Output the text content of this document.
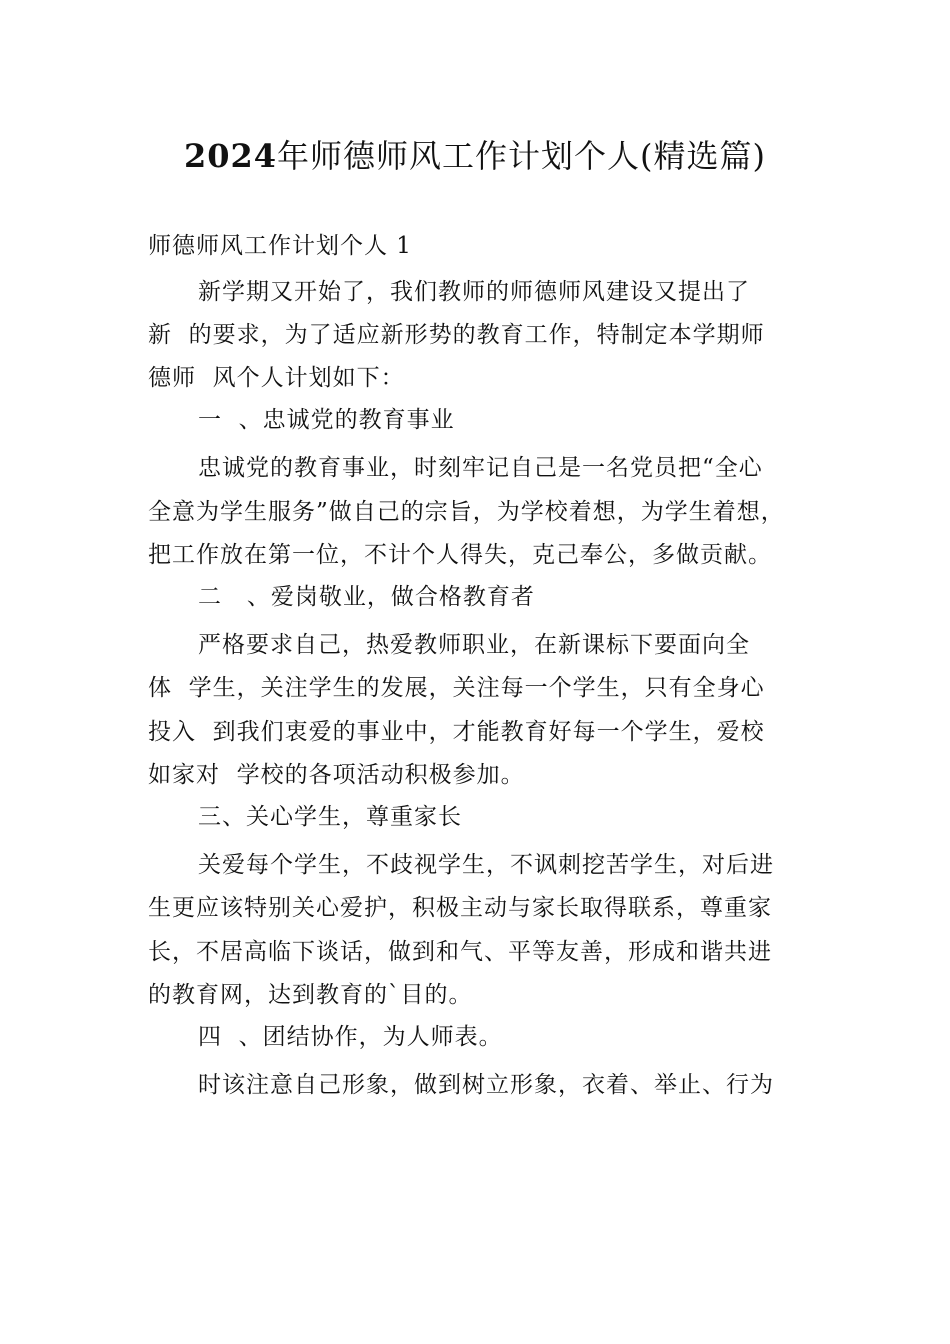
2024年师德师风工作计划个人(精选篇)
师德师风工作计划个人 1
新学期又开始了，我们教师的师德师风建设又提出了
新  的要求，为了适应新形势的教育工作，特制定本学期师
德师  风个人计划如下：
一  、忠诚党的教育事业
忠诚党的教育事业，时刻牢记自己是一名党员把“全心
全意为学生服务”做自己的宗旨，为学校着想，为学生着想，
把工作放在第一位，不计个人得失，克己奉公，多做贡献。
二   、爱岗敬业，做合格教育者
严格要求自己，热爱教师职业，在新课标下要面向全
体  学生，关注学生的发展，关注每一个学生，只有全身心
投入  到我们衷爱的事业中，才能教育好每一个学生，爱校
如家对  学校的各项活动积极参加。
三、关心学生，尊重家长
关爱每个学生，不歧视学生，不讽刺挖苦学生，对后进
生更应该特别关心爱护，积极主动与家长取得联系，尊重家
长，不居高临下谈话，做到和气、平等友善，形成和谐共进
的教育网，达到教育的`目的。
四  、团结协作，为人师表。
时该注意自己形象，做到树立形象，衣着、举止、行为
